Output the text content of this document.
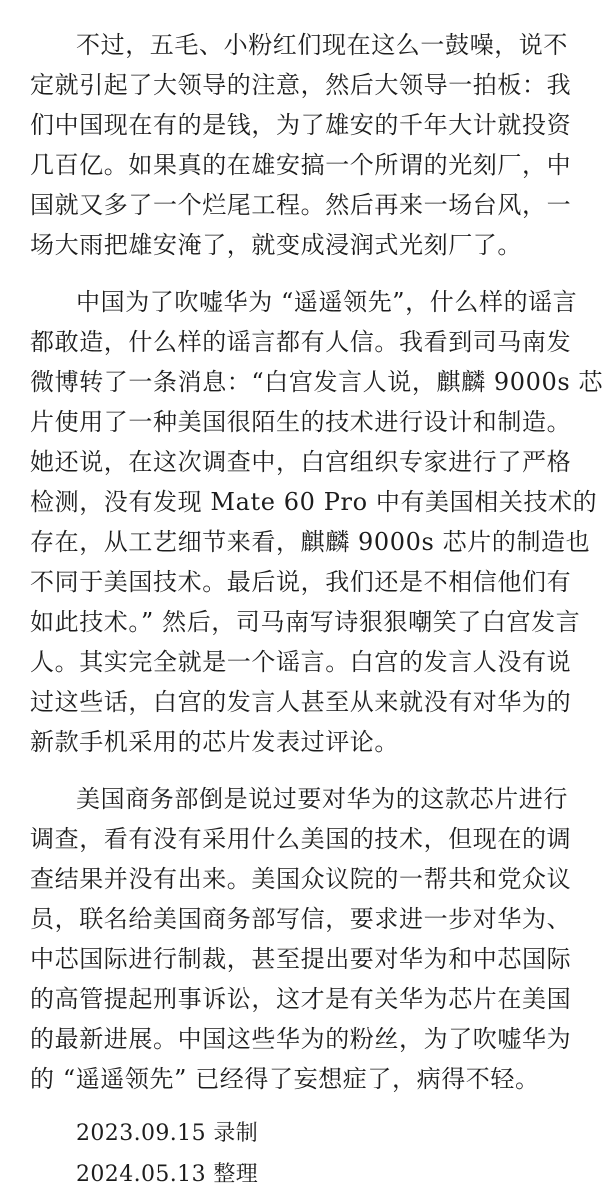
不过，五毛、小粉红们现在这么一鼓噪，说不
定就引起了大领导的注意，然后大领导一拍板：我
们中国现在有的是钱，为了雄安的千年大计就投资
几百亿。如果真的在雄安搞一个所谓的光刻厂，中
国就又多了一个烂尾工程。然后再来一场台风，一
场大雨把雄安淹了，就变成浸润式光刻厂了。
中国为了吹嘘华为 “遥遥领先”，什么样的谣言
都敢造，什么样的谣言都有人信。我看到司马南发
微博转了一条消息：“白宫发言人说，麒麟 9000s 芯
片使用了一种美国很陌生的技术进行设计和制造。
她还说，在这次调查中，白宫组织专家进行了严格
检测，没有发现 Mate 60 Pro 中有美国相关技术的
存在，从工艺细节来看，麒麟 9000s 芯片的制造也
不同于美国技术。最后说，我们还是不相信他们有
如此技术。” 然后，司马南写诗狠狠嘲笑了白宫发言
人。其实完全就是一个谣言。白宫的发言人没有说
过这些话，白宫的发言人甚至从来就没有对华为的
新款手机采用的芯片发表过评论。
美国商务部倒是说过要对华为的这款芯片进行
调查，看有没有采用什么美国的技术，但现在的调
查结果并没有出来。美国众议院的一帮共和党众议
员，联名给美国商务部写信，要求进一步对华为、
中芯国际进行制裁，甚至提出要对华为和中芯国际
的高管提起刑事诉讼，这才是有关华为芯片在美国
的最新进展。中国这些华为的粉丝，为了吹嘘华为
的 “遥遥领先” 已经得了妄想症了，病得不轻。
2023.09.15 录制
2024.05.13 整理
